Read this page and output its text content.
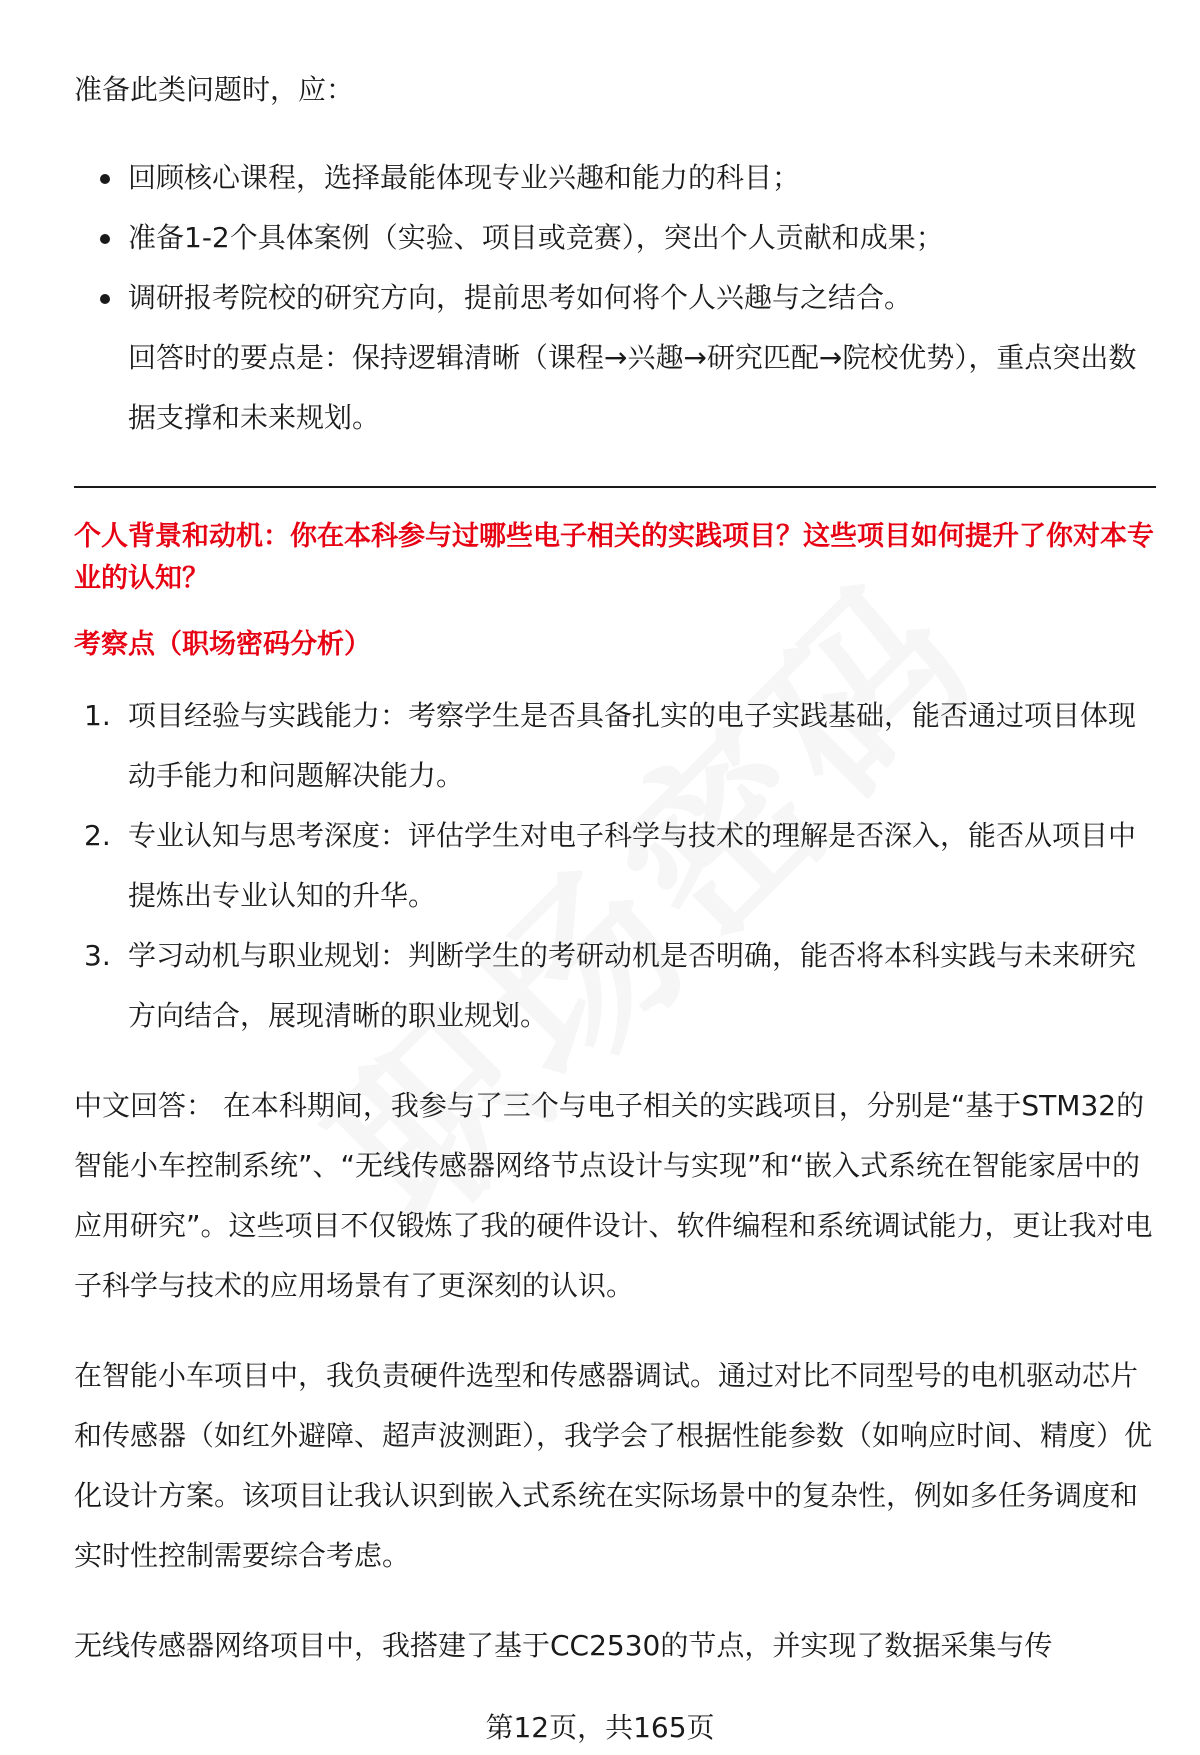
准备此类问题时，应：

回顾核心课程，选择最能体现专业兴趣和能力的科目；
准备1-2个具体案例（实验、项目或竞赛），突出个人贡献和成果；
调研报考院校的研究方向，提前思考如何将个人兴趣与之结合。
回答时的要点是：保持逻辑清晰（课程→兴趣→研究匹配→院校优势），重点突出数据支撑和未来规划。
个人背景和动机：你在本科参与过哪些电子相关的实践项目？这些项目如何提升了你对本专业的认知？
考察点（职场密码分析）
1. 项目经验与实践能力：考察学生是否具备扎实的电子实践基础，能否通过项目体现动手能力和问题解决能力。
2. 专业认知与思考深度：评估学生对电子科学与技术的理解是否深入，能否从项目中提炼出专业认知的升华。
3. 学习动机与职业规划：判断学生的考研动机是否明确，能否将本科实践与未来研究方向结合，展现清晰的职业规划。

中文回答： 在本科期间，我参与了三个与电子相关的实践项目，分别是“基于STM32的智能小车控制系统”、“无线传感器网络节点设计与实现”和“嵌入式系统在智能家居中的应用研究”。这些项目不仅锻炼了我的硬件设计、软件编程和系统调试能力，更让我对电子科学与技术的应用场景有了更深刻的认识。

在智能小车项目中，我负责硬件选型和传感器调试。通过对比不同型号的电机驱动芯片和传感器（如红外避障、超声波测距），我学会了根据性能参数（如响应时间、精度）优化设计方案。该项目让我认识到嵌入式系统在实际场景中的复杂性，例如多任务调度和实时性控制需要综合考虑。

无线传感器网络项目中，我搭建了基于CC2530的节点，并实现了数据采集与传

第12页，共165页
